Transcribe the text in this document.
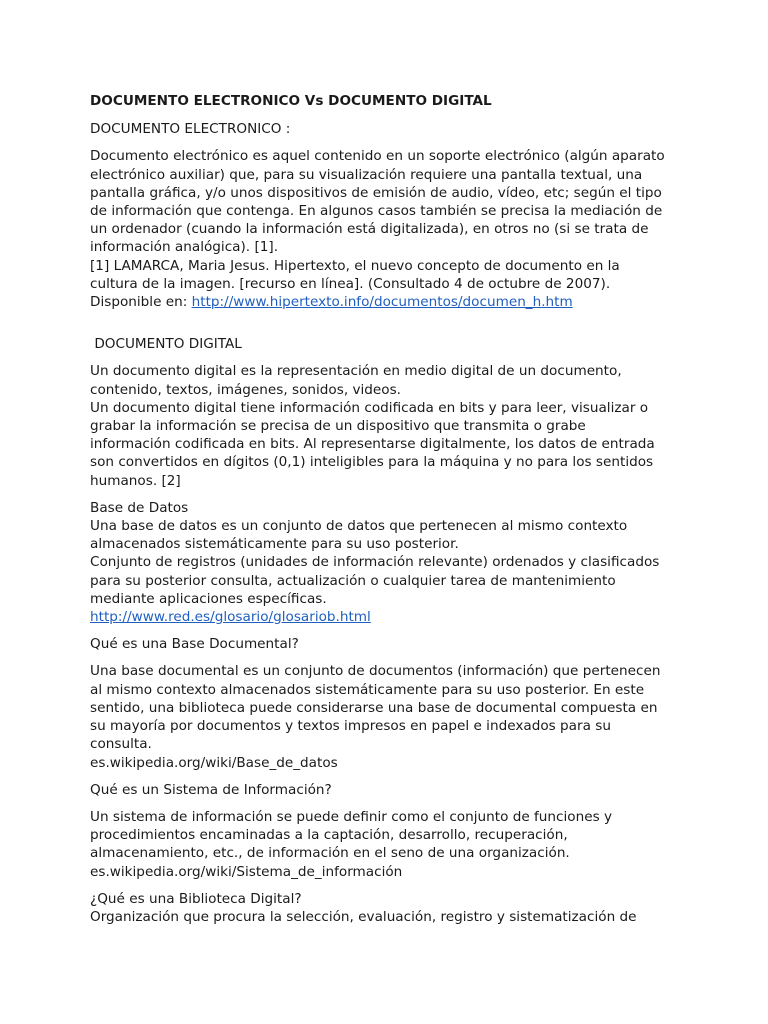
DOCUMENTO ELECTRONICO Vs DOCUMENTO DIGITAL

DOCUMENTO ELECTRONICO :

Documento electrónico es aquel contenido en un soporte electrónico (algún aparato
electrónico auxiliar) que, para su visualización requiere una pantalla textual, una
pantalla gráfica, y/o unos dispositivos de emisión de audio, vídeo, etc; según el tipo
de información que contenga. En algunos casos también se precisa la mediación de
un ordenador (cuando la información está digitalizada), en otros no (si se trata de
información analógica). [1].
[1] LAMARCA, Maria Jesus. Hipertexto, el nuevo concepto de documento en la
cultura de la imagen. [recurso en línea]. (Consultado 4 de octubre de 2007).
Disponible en: http://www.hipertexto.info/documentos/documen_h.htm

DOCUMENTO DIGITAL

Un documento digital es la representación en medio digital de un documento,
contenido, textos, imágenes, sonidos, videos.
Un documento digital tiene información codificada en bits y para leer, visualizar o
grabar la información se precisa de un dispositivo que transmita o grabe
información codificada en bits. Al representarse digitalmente, los datos de entrada
son convertidos en dígitos (0,1) inteligibles para la máquina y no para los sentidos
humanos. [2]
Base de Datos
Una base de datos es un conjunto de datos que pertenecen al mismo contexto
almacenados sistemáticamente para su uso posterior.
Conjunto de registros (unidades de información relevante) ordenados y clasificados
para su posterior consulta, actualización o cualquier tarea de mantenimiento
mediante aplicaciones específicas.
http://www.red.es/glosario/glosariob.html

Qué es una Base Documental?

Una base documental es un conjunto de documentos (información) que pertenecen
al mismo contexto almacenados sistemáticamente para su uso posterior. En este
sentido, una biblioteca puede considerarse una base de documental compuesta en
su mayoría por documentos y textos impresos en papel e indexados para su
consulta.
es.wikipedia.org/wiki/Base_de_datos

Qué es un Sistema de Información?

Un sistema de información se puede definir como el conjunto de funciones y
procedimientos encaminadas a la captación, desarrollo, recuperación,
almacenamiento, etc., de información en el seno de una organización.
es.wikipedia.org/wiki/Sistema_de_información
¿Qué es una Biblioteca Digital?
Organización que procura la selección, evaluación, registro y sistematización de
